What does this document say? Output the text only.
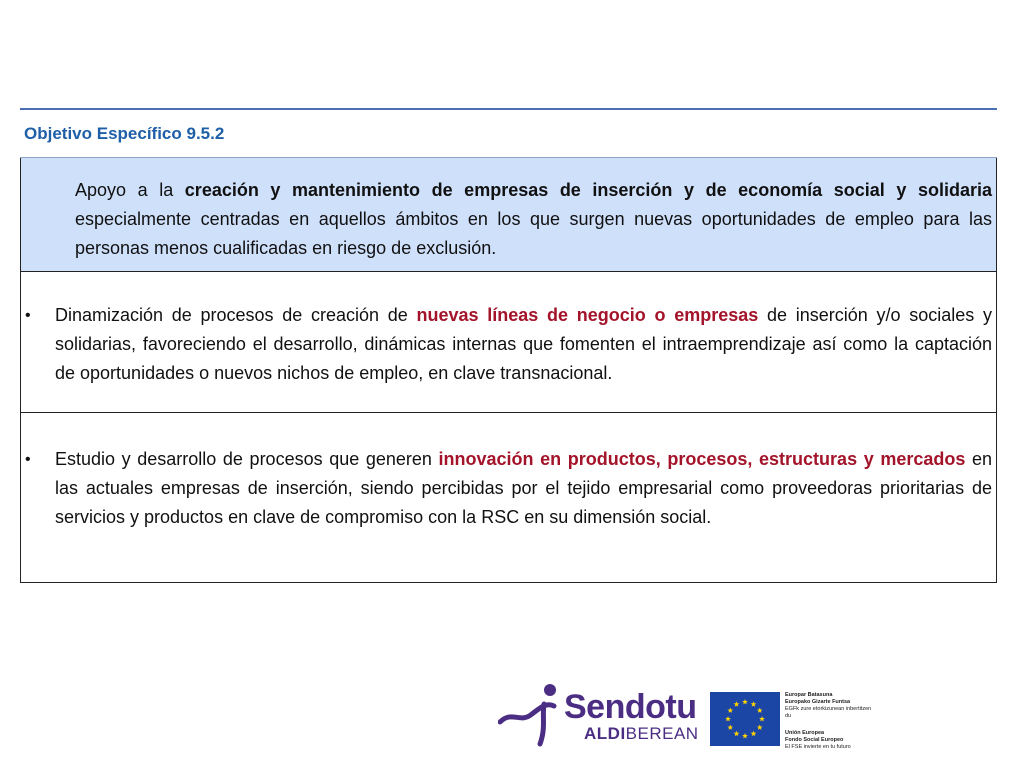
Objetivo Específico 9.5.2
Apoyo a la creación y mantenimiento de empresas de inserción y de economía social y solidaria especialmente centradas en aquellos ámbitos en los que surgen nuevas oportunidades de empleo para las personas menos cualificadas en riesgo de exclusión.
• Dinamización de procesos de creación de nuevas líneas de negocio o empresas de inserción y/o sociales y solidarias, favoreciendo el desarrollo, dinámicas internas que fomenten el intraemprendizaje así como la captación de oportunidades o nuevos nichos de empleo, en clave transnacional.
• Estudio y desarrollo de procesos que generen innovación en productos, procesos, estructuras y mercados en las actuales empresas de inserción, siendo percibidas por el tejido empresarial como proveedoras prioritarias de servicios y productos en clave de compromiso con la RSC en su dimensión social.
Sendotu
ALDIBEREAN
Europar Batasuna
Europako Gizarte Funtsa
EGFk zure etorkizunean inbertitzen du
Unión Europea
Fondo Social Europeo
El FSE invierte en tu futuro
